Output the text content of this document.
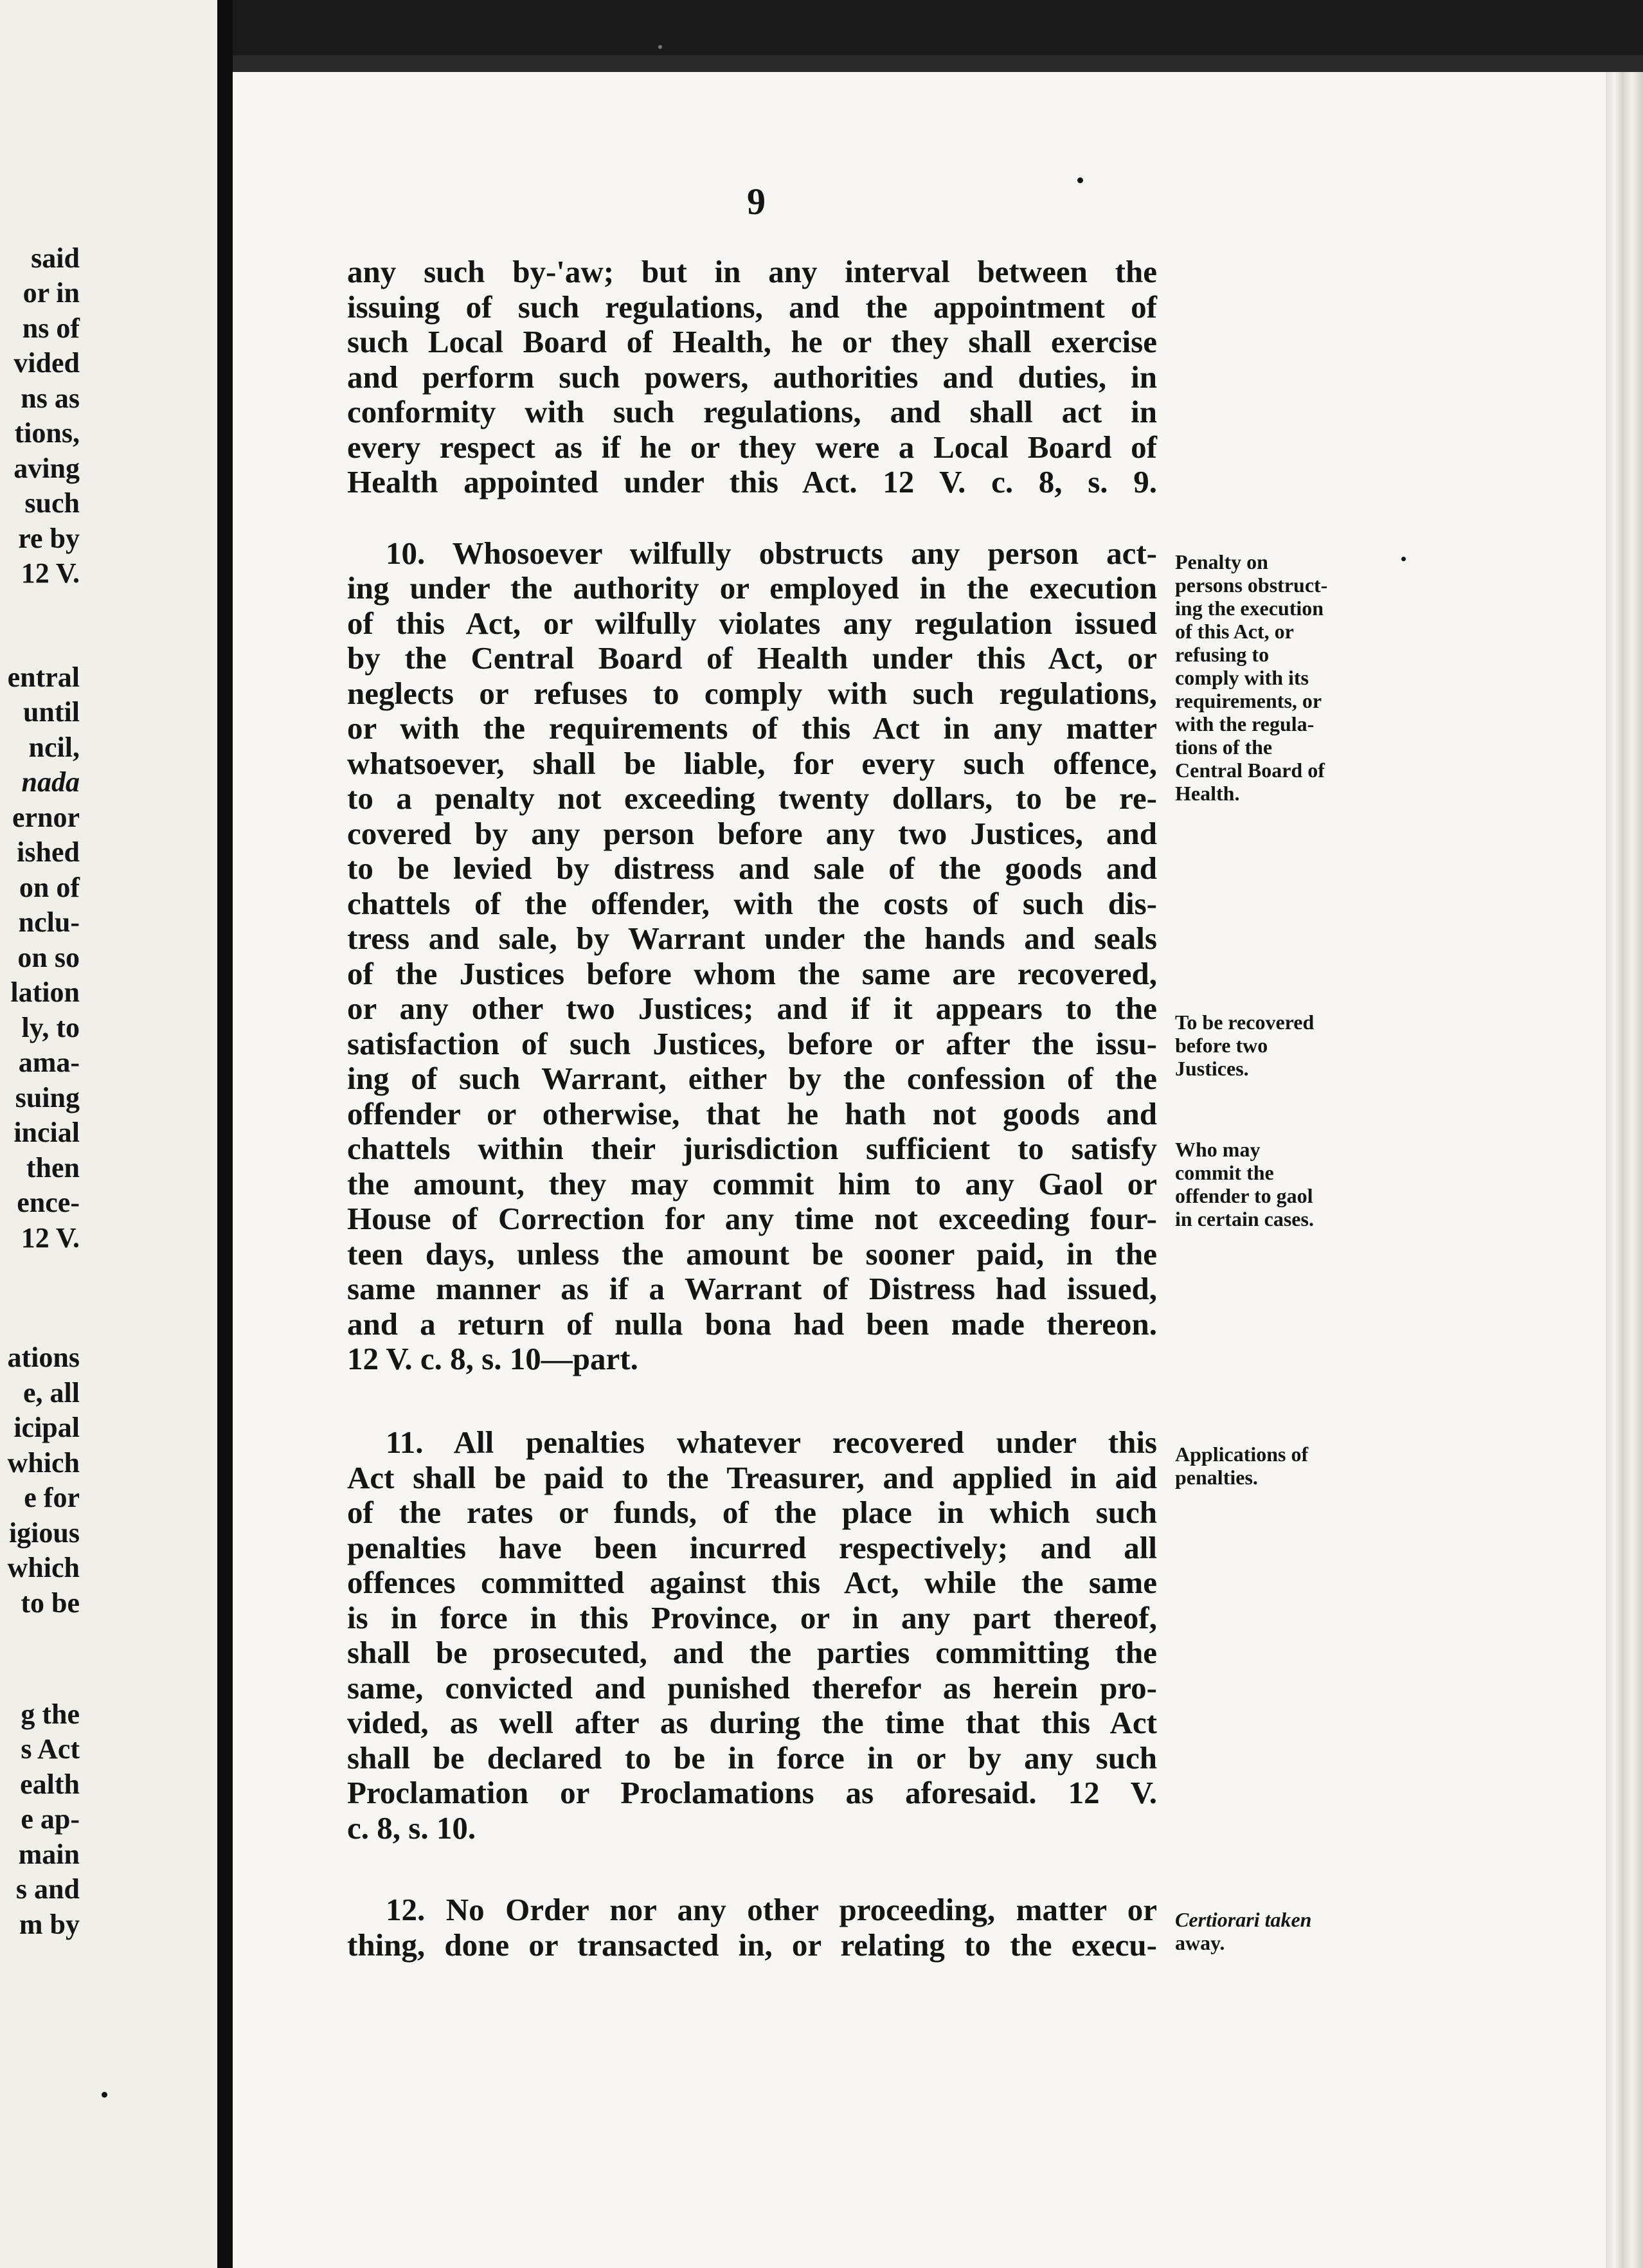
said
or in
ns of
vided
ns as
tions,
aving
such
re by
12 V.
entral
until
ncil,
nada
ernor
ished
on of
nclu-
on so
lation
ly, to
ama-
suing
incial
then
ence-
12 V.
ations
e, all
icipal
which
e for
igious
which
to be
g the
s Act
ealth
e ap-
main
s and
m by
9
any such by-'aw; but in any interval between the
issuing of such regulations, and the appointment of
such Local Board of Health, he or they shall exercise
and perform such powers, authorities and duties, in
conformity with such regulations, and shall act in
every respect as if he or they were a Local Board of
Health appointed under this Act. 12 V. c. 8, s. 9.
10. Whosoever wilfully obstructs any person act-
ing under the authority or employed in the execution
of this Act, or wilfully violates any regulation issued
by the Central Board of Health under this Act, or
neglects or refuses to comply with such regulations,
or with the requirements of this Act in any matter
whatsoever, shall be liable, for every such offence,
to a penalty not exceeding twenty dollars, to be re-
covered by any person before any two Justices, and
to be levied by distress and sale of the goods and
chattels of the offender, with the costs of such dis-
tress and sale, by Warrant under the hands and seals
of the Justices before whom the same are recovered,
or any other two Justices; and if it appears to the
satisfaction of such Justices, before or after the issu-
ing of such Warrant, either by the confession of the
offender or otherwise, that he hath not goods and
chattels within their jurisdiction sufficient to satisfy
the amount, they may commit him to any Gaol or
House of Correction for any time not exceeding four-
teen days, unless the amount be sooner paid, in the
same manner as if a Warrant of Distress had issued,
and a return of nulla bona had been made thereon.
12 V. c. 8, s. 10—part.
11. All penalties whatever recovered under this
Act shall be paid to the Treasurer, and applied in aid
of the rates or funds, of the place in which such
penalties have been incurred respectively; and all
offences committed against this Act, while the same
is in force in this Province, or in any part thereof,
shall be prosecuted, and the parties committing the
same, convicted and punished therefor as herein pro-
vided, as well after as during the time that this Act
shall be declared to be in force in or by any such
Proclamation or Proclamations as aforesaid. 12 V.
c. 8, s. 10.
12. No Order nor any other proceeding, matter or
thing, done or transacted in, or relating to the execu-
Penalty on
persons obstruct-
ing the execution
of this Act, or
refusing to
comply with its
requirements, or
with the regula-
tions of the
Central Board of
Health.
To be recovered
before two
Justices.
Who may
commit the
offender to gaol
in certain cases.
Applications of
penalties.
Certiorari taken
away.
